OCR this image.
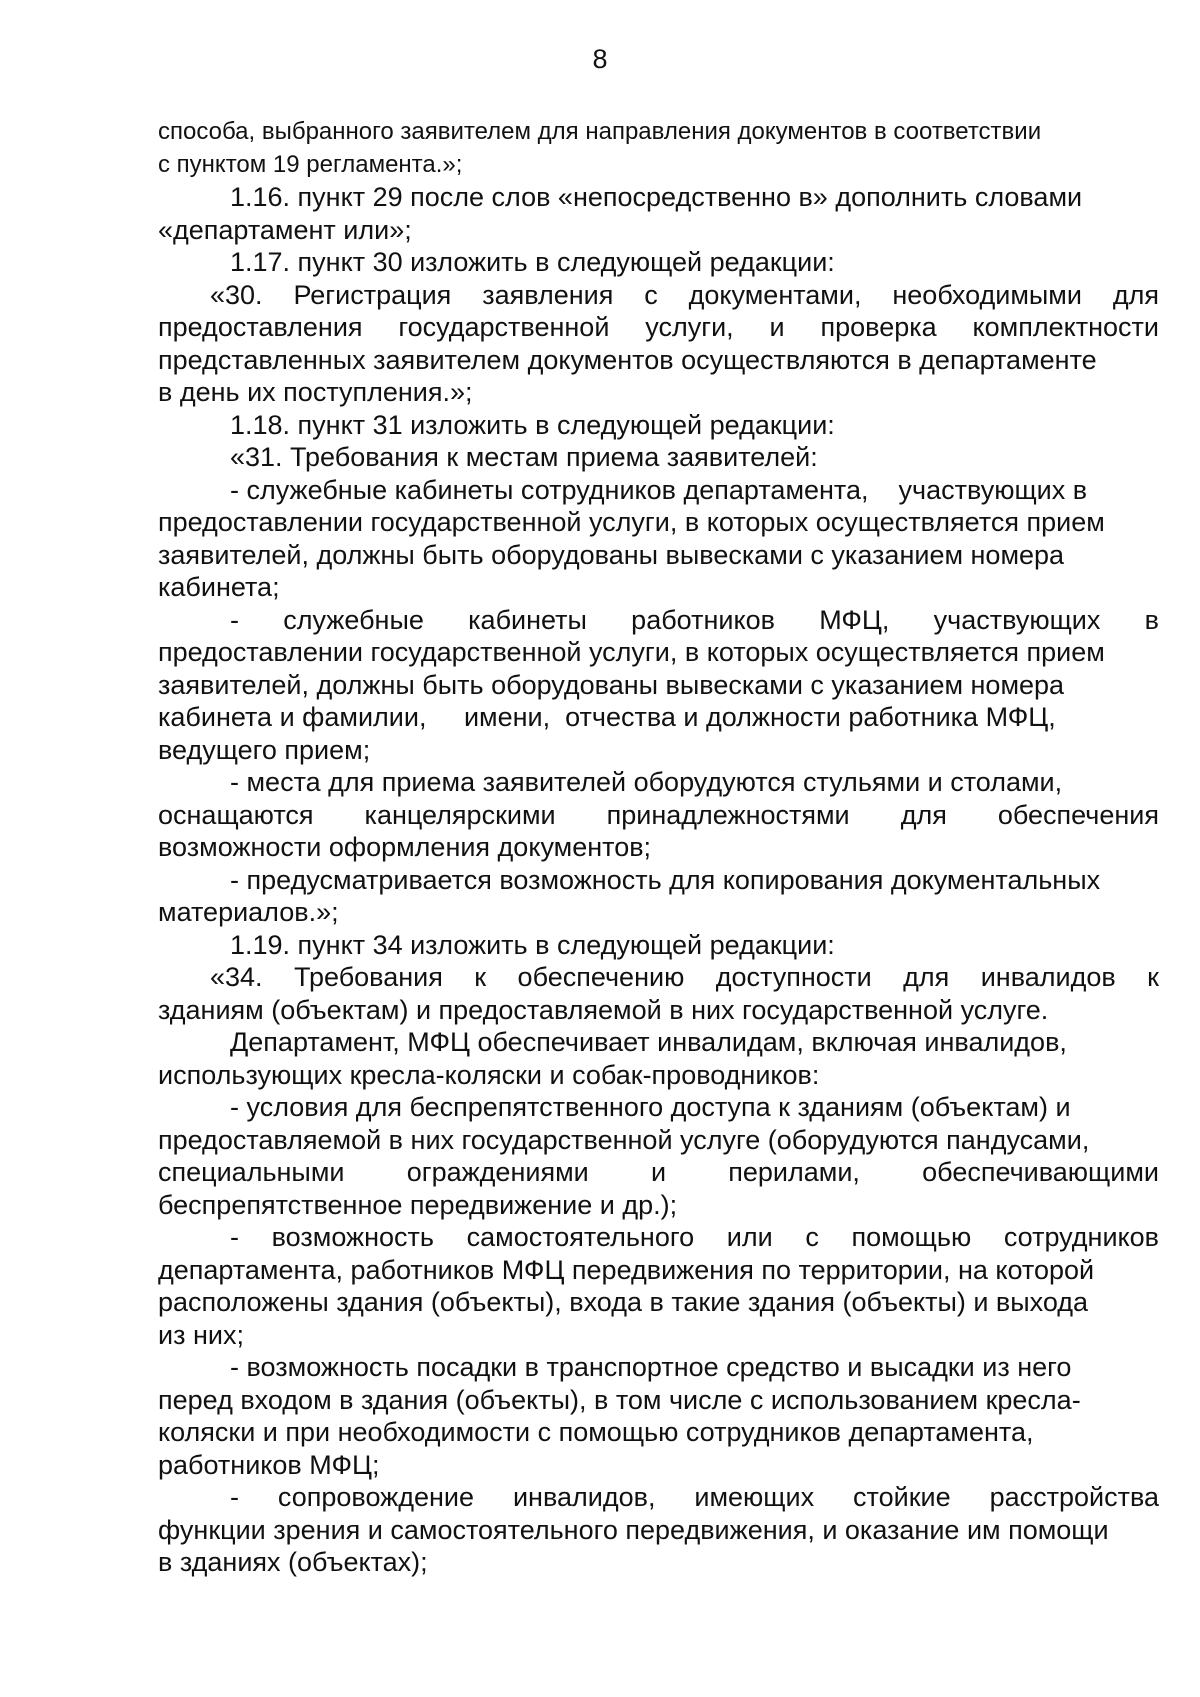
8
способа, выбранного заявителем для направления документов в соответствии
с пунктом 19 регламента.»;
1.16. пункт 29 после слов «непосредственно в» дополнить словами
«департамент или»;
1.17. пункт 30 изложить в следующей редакции:
«30. Регистрация заявления с документами, необходимыми для
предоставления государственной услуги, и проверка комплектности
представленных заявителем документов осуществляются в департаменте
в день их поступления.»;
1.18. пункт 31 изложить в следующей редакции:
«31. Требования к местам приема заявителей:
- служебные кабинеты сотрудников департамента,    участвующих в
предоставлении государственной услуги, в которых осуществляется прием
заявителей, должны быть оборудованы вывесками с указанием номера
кабинета;
- служебные кабинеты работников МФЦ, участвующих в
предоставлении государственной услуги, в которых осуществляется прием
заявителей, должны быть оборудованы вывесками с указанием номера
кабинета и фамилии,     имени,  отчества и должности работника МФЦ,
ведущего прием;
- места для приема заявителей оборудуются стульями и столами,
оснащаются канцелярскими принадлежностями для обеспечения
возможности оформления документов;
- предусматривается возможность для копирования документальных
материалов.»;
1.19. пункт 34 изложить в следующей редакции:
«34. Требования к обеспечению доступности для инвалидов к
зданиям (объектам) и предоставляемой в них государственной услуге.
Департамент, МФЦ обеспечивает инвалидам, включая инвалидов,
использующих кресла-коляски и собак-проводников:
- условия для беспрепятственного доступа к зданиям (объектам) и
предоставляемой в них государственной услуге (оборудуются пандусами,
специальными ограждениями и перилами, обеспечивающими
беспрепятственное передвижение и др.);
- возможность самостоятельного или с помощью сотрудников
департамента, работников МФЦ передвижения по территории, на которой
расположены здания (объекты), входа в такие здания (объекты) и выхода
из них;
- возможность посадки в транспортное средство и высадки из него
перед входом в здания (объекты), в том числе с использованием кресла-
коляски и при необходимости с помощью сотрудников департамента,
работников МФЦ;
- сопровождение инвалидов, имеющих стойкие расстройства
функции зрения и самостоятельного передвижения, и оказание им помощи
в зданиях (объектах);
